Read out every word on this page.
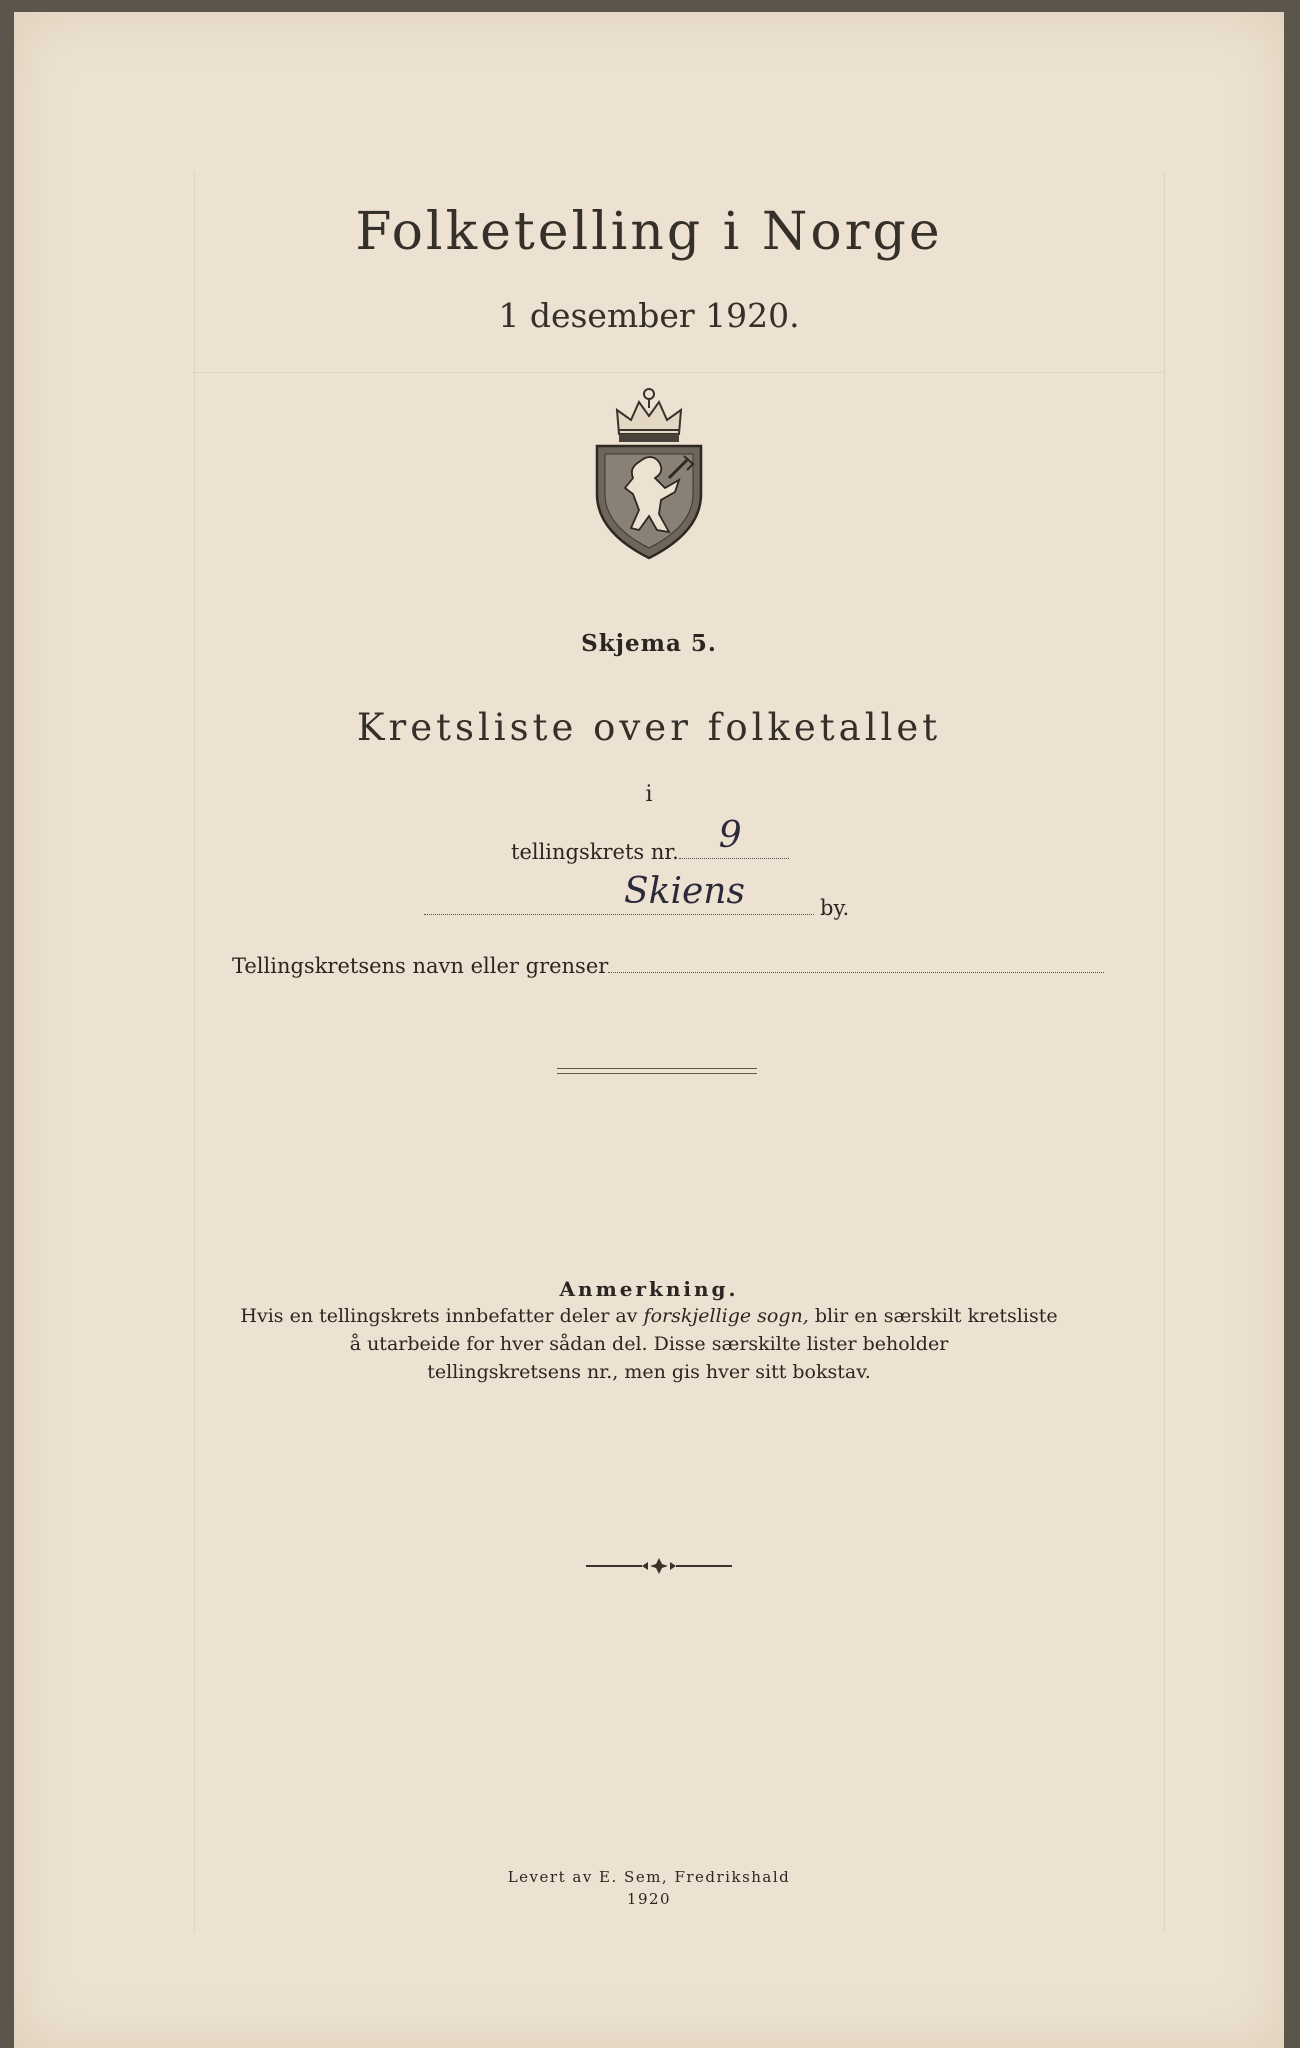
Folketelling i Norge
1 desember 1920.
Skjema 5.
Kretsliste over folketallet
i
tellingskrets nr. 9
Skiens	by.
Tellingskretsens navn eller grenser
Anmerkning.
Hvis en tellingskrets innbefatter deler av forskjellige sogn, blir en særskilt kretsliste
å utarbeide for hver sådan del. Disse særskilte lister beholder
tellingskretsens nr., men gis hver sitt bokstav.
Levert av E. Sem, Fredrikshald
1920
